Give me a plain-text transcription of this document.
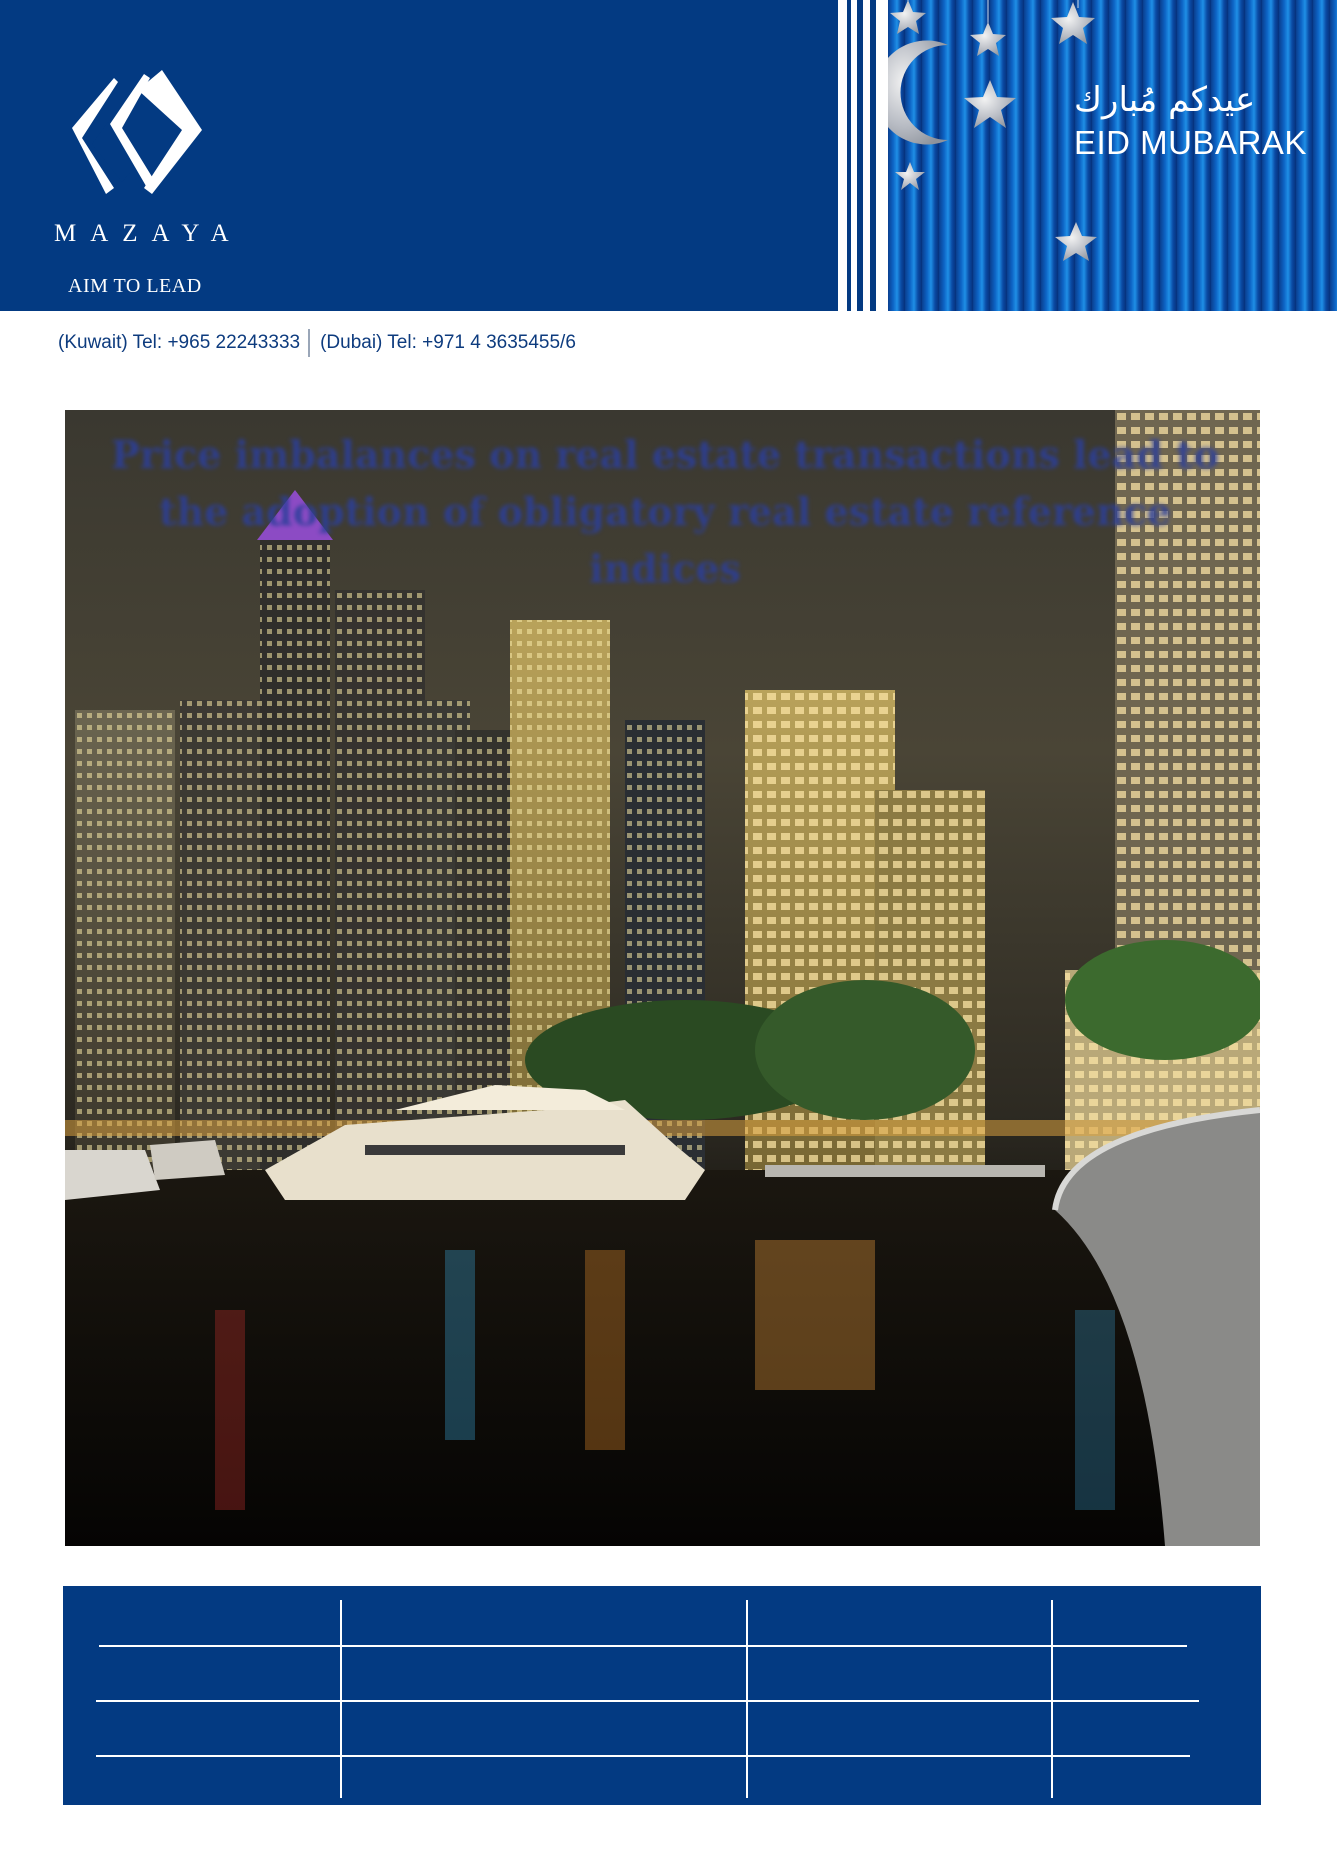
MAZAYA
AIM TO LEAD
عيدكم مُبارك
EID MUBARAK
(Kuwait) Tel: +965 22243333 (Dubai) Tel: +971 4 3635455/6
Price imbalances on real estate transactions lead to the adoption of obligatory real estate reference indices
